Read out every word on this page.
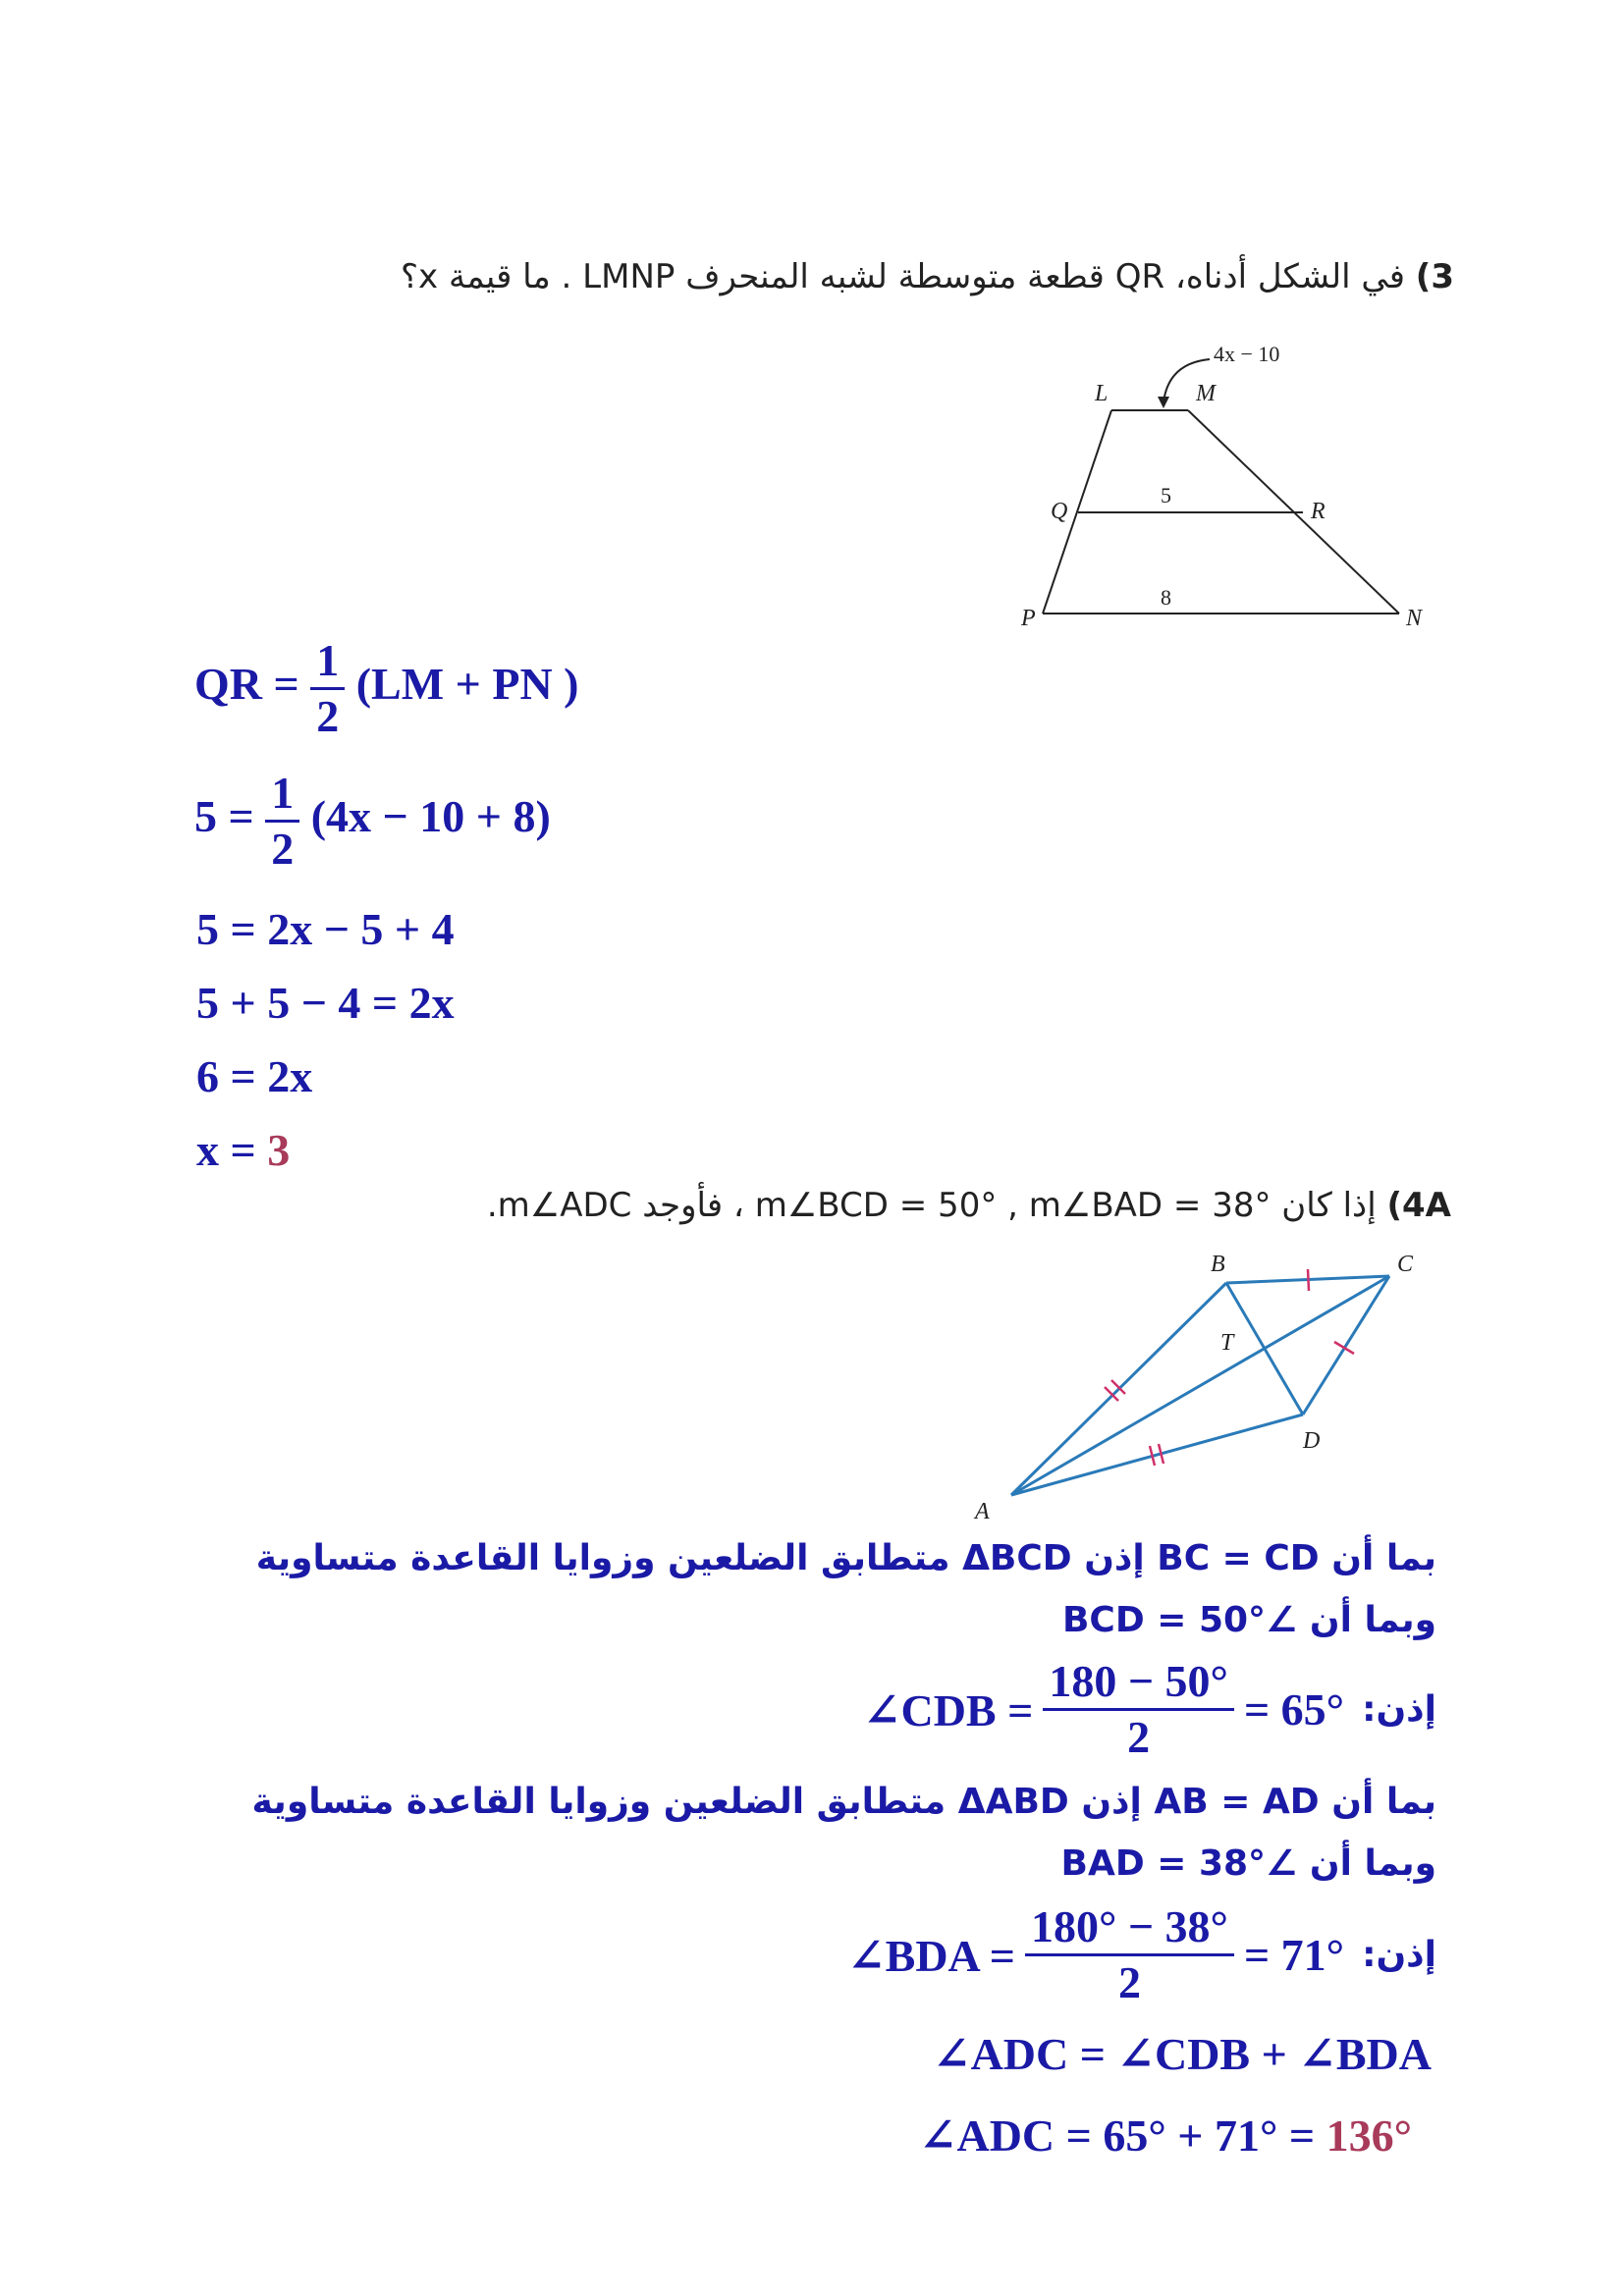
3) في الشكل أدناه، QR قطعة متوسطة لشبه المنحرف LMNP . ما قيمة x؟
4x − 10
L	M
Q	R
P	N
5
8
QR = $\frac{1}{2} (LM$ + PN )
$5 = \frac{1}{2} (4x - 10 + 8)$
5 = 2x − 5 + 4
5 + 5 − 4 = 2x
6 = 2x
x = 3
4A) إذا كان m∠BCD = 50° , m∠BAD = 38° ، فأوجد m∠ADC.
B	C
T
D
A
بما أن BC = CD إذن ΔBCD متطابق الضلعين وزوايا القاعدة متساوية
وبما أن ∠BCD = 50°
إذن:
∠CDB = $\frac{180 - 50^\circ}{2} = 65^\circ$
بما أن AB = AD إذن ΔABD متطابق الضلعين وزوايا القاعدة متساوية
وبما أن ∠BAD = 38°
إذن:
∠BDA = $\frac{180^\circ - 38^\circ}{2} = 71^\circ$
∠ADC = ∠CDB + ∠BDA
∠ADC = 65° + 71° = 136°
